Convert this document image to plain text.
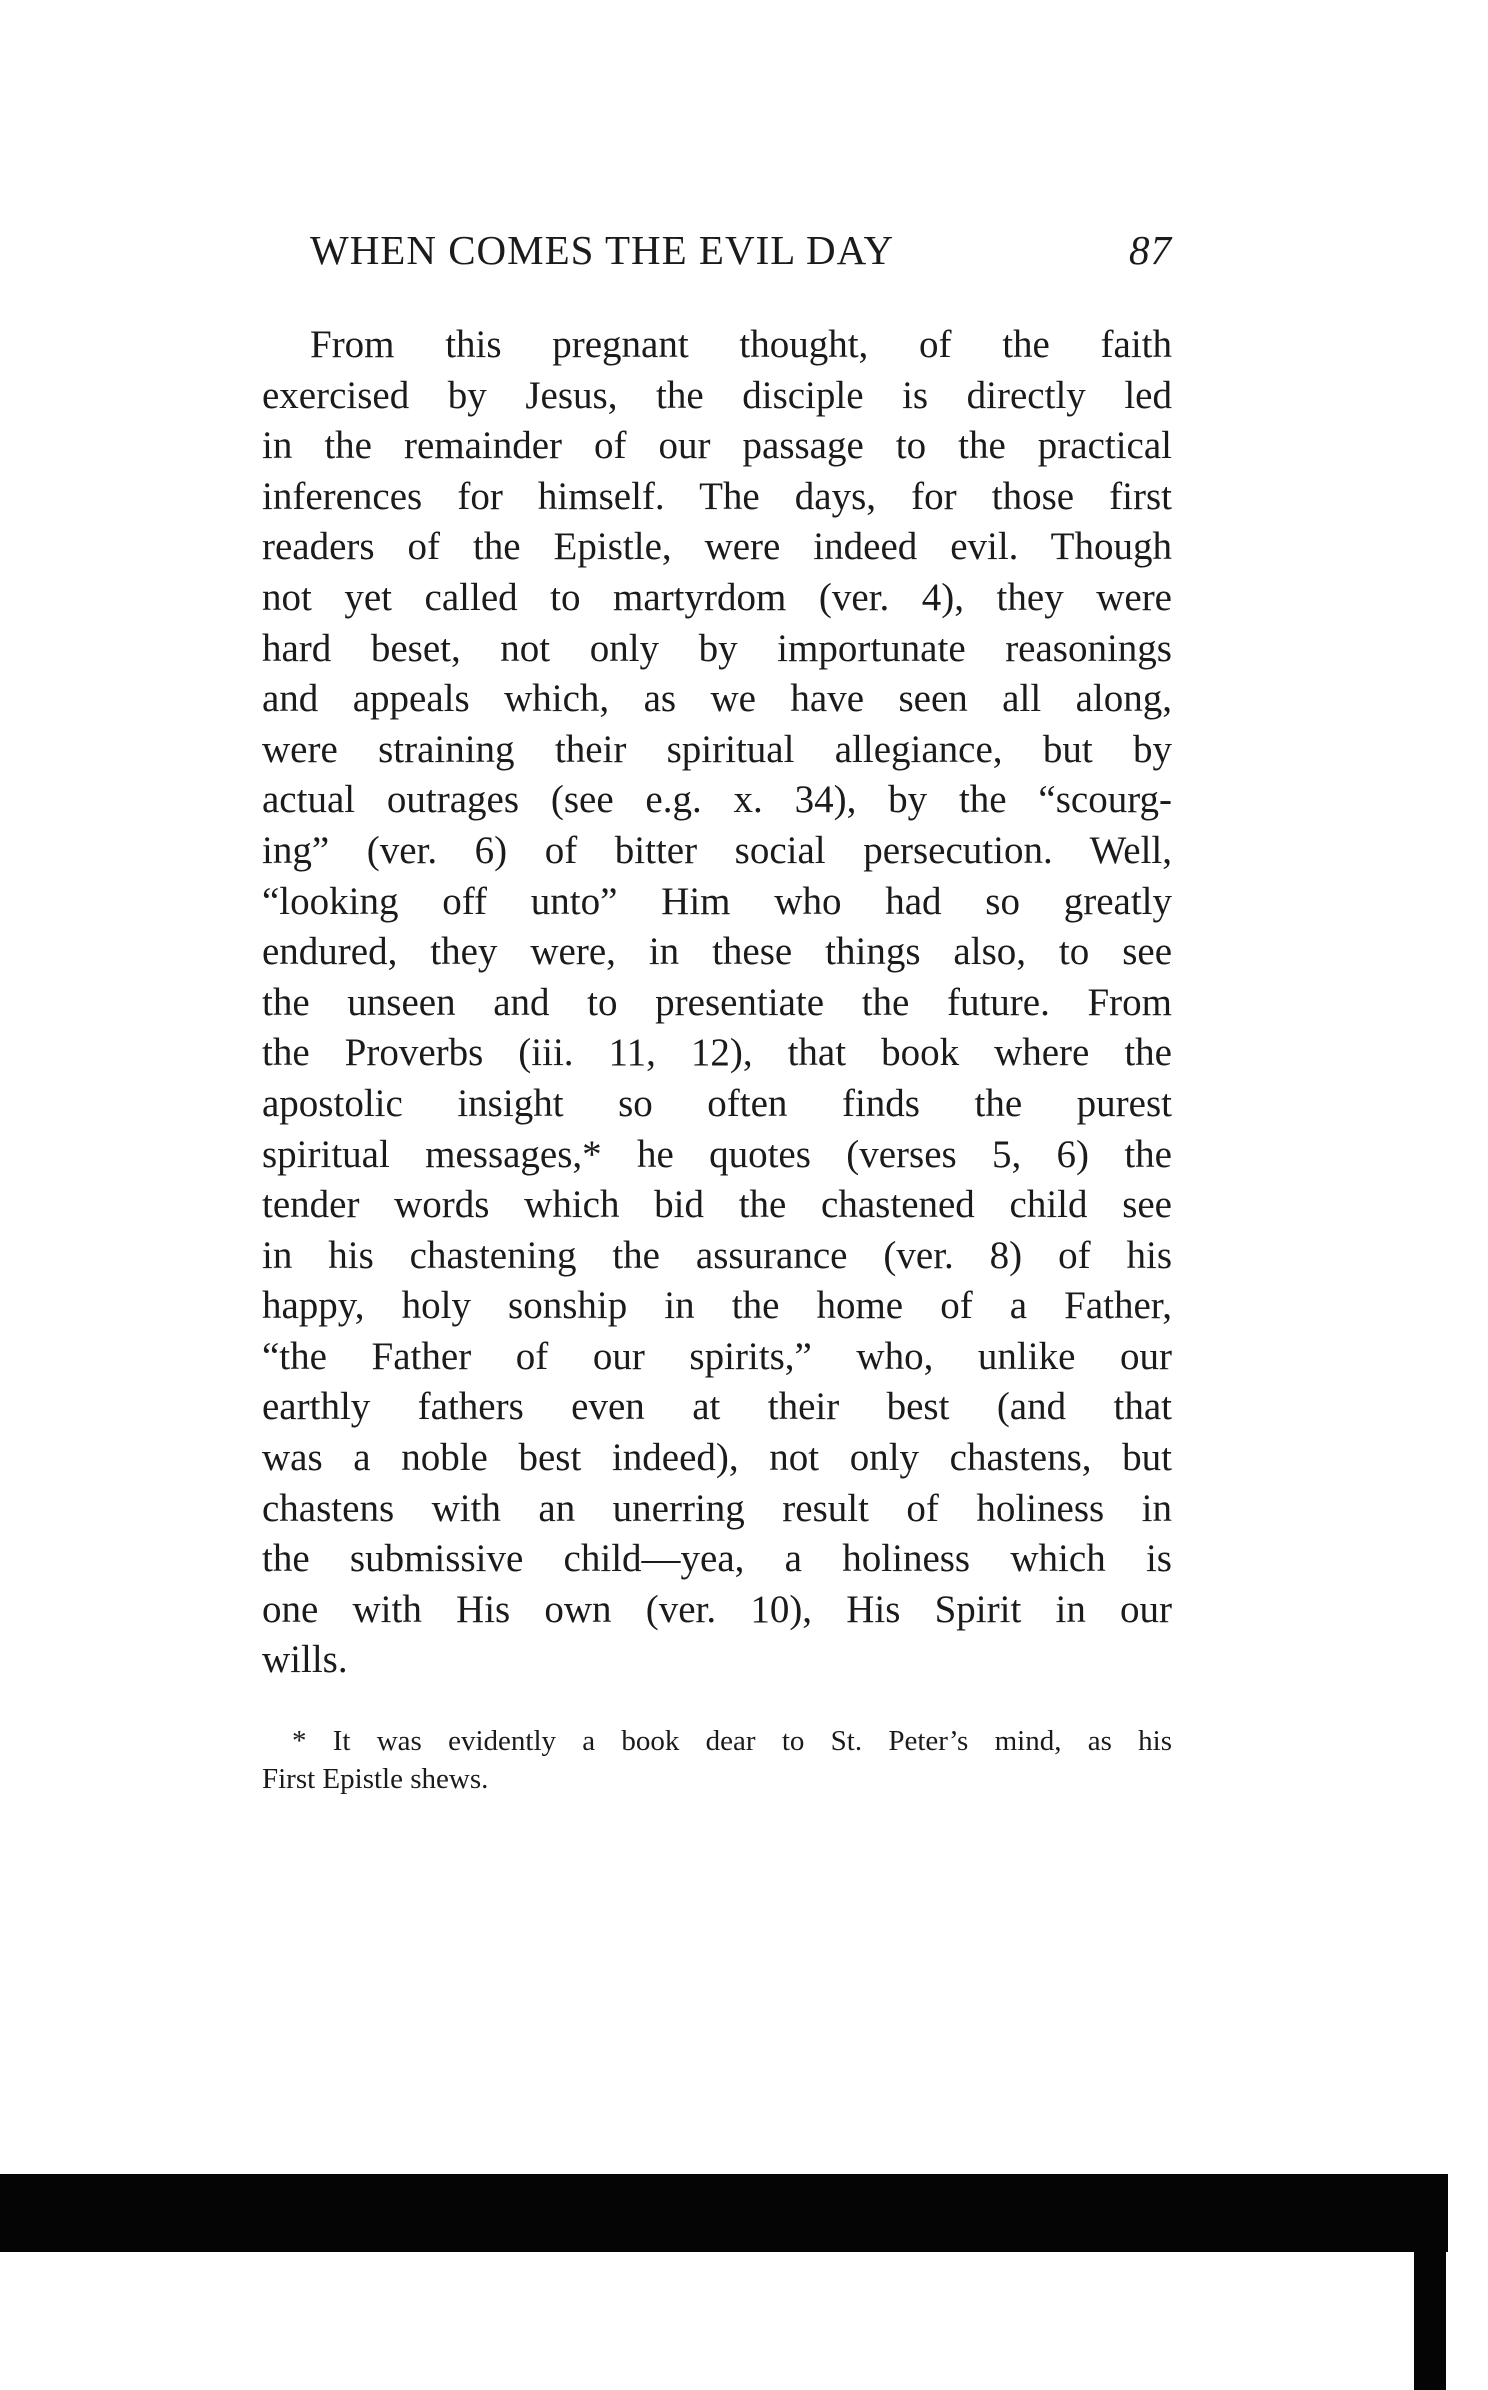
WHEN COMES THE EVIL DAY	87
From this pregnant thought, of the faith
exercised by Jesus, the disciple is directly led
in the remainder of our passage to the practical
inferences for himself. The days, for those first
readers of the Epistle, were indeed evil. Though
not yet called to martyrdom (ver. 4), they were
hard beset, not only by importunate reasonings
and appeals which, as we have seen all along,
were straining their spiritual allegiance, but by
actual outrages (see e.g. x. 34), by the “scourg-
ing” (ver. 6) of bitter social persecution. Well,
“looking off unto” Him who had so greatly
endured, they were, in these things also, to see
the unseen and to presentiate the future. From
the Proverbs (iii. 11, 12), that book where the
apostolic insight so often finds the purest
spiritual messages,* he quotes (verses 5, 6) the
tender words which bid the chastened child see
in his chastening the assurance (ver. 8) of his
happy, holy sonship in the home of a Father,
“the Father of our spirits,” who, unlike our
earthly fathers even at their best (and that
was a noble best indeed), not only chastens, but
chastens with an unerring result of holiness in
the submissive child—yea, a holiness which is
one with His own (ver. 10), His Spirit in our
wills.
* It was evidently a book dear to St. Peter’s mind, as his
First Epistle shews.
